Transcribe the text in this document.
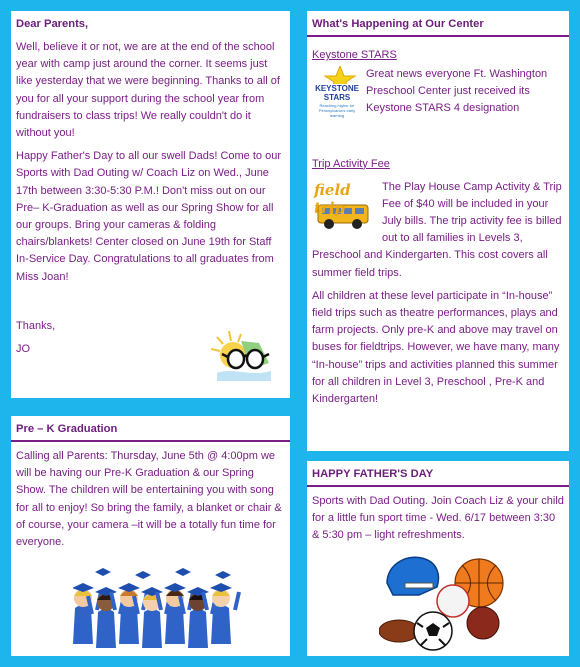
Dear Parents,
Well, believe it or not, we are at the end of the school year with camp just around the corner. It seems just like yesterday that we were beginning. Thanks to all of you for all your support during the school year from fundraisers to class trips! We really couldn't do it without you!
Happy Father's Day to all our swell Dads! Come to our Sports with Dad Outing w/ Coach Liz on Wed., June 17th between 3:30-5:30 P.M.! Don't miss out on our Pre– K-Graduation as well as our Spring Show for all our groups. Bring your cameras & folding chairs/blankets! Center closed on June 19th for Staff In-Service Day. Congratulations to all graduates from Miss Joan!
Thanks,
JO
What's Happening at Our Center
Keystone STARS
KEYSTONE STARS
Reaching higher for Pennsylvania's early learning
Great news everyone Ft. Washington Preschool Center just received its Keystone STARS 4 designation
Trip Activity Fee
field trip
The Play House Camp Activity & Trip Fee of $40 will be included in your July bills. The trip activity fee is billed out to all families in Levels 3, Preschool and Kindergarten. This cost covers all summer field trips.
All children at these level participate in “In-house” field trips such as theatre performances, plays and farm projects. Only pre-K and above may travel on buses for fieldtrips. However, we have many, many “In-house” trips and activities planned this summer for all children in Level 3, Preschool , Pre-K and Kindergarten!
Pre – K Graduation
Calling all Parents: Thursday, June 5th @ 4:00pm we will be having our Pre-K Graduation & our Spring Show. The children will be entertaining you with song for all to enjoy! So bring the family, a blanket or chair & of course, your camera –it will be a totally fun time for everyone.
HAPPY FATHER'S DAY
Sports with Dad Outing. Join Coach Liz & your child for a little fun sport time - Wed. 6/17 between 3:30 & 5:30 pm – light refreshments.
